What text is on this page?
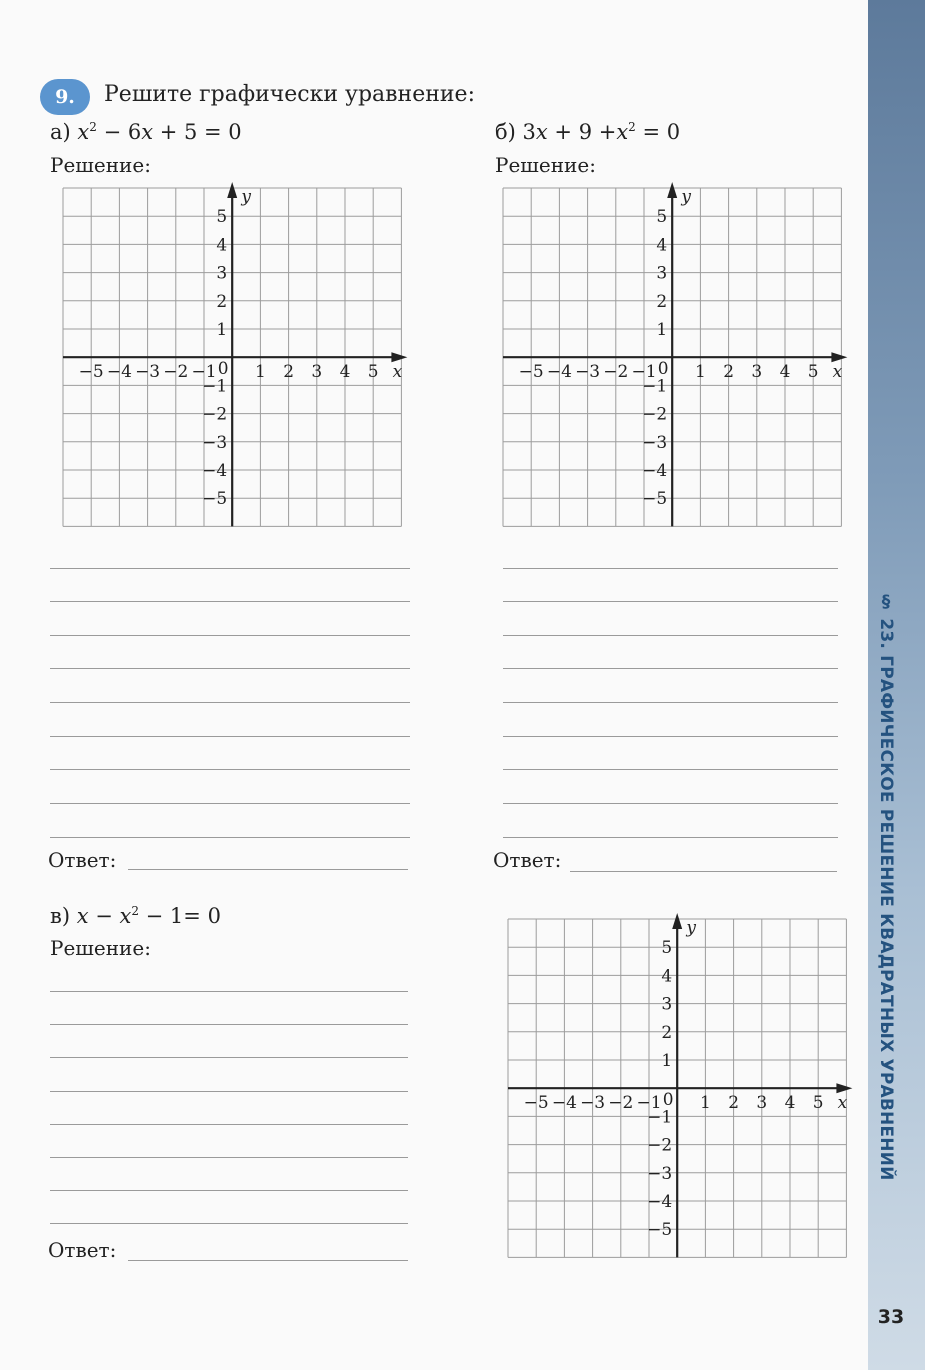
9. Решите графически уравнение:
а) $x^2 - 6x + 5 = 0$
Решение:
б) $3x + 9 +x^2 = 0$
Решение:
в) $x - x^2 - 1= 0$
Решение:
−5 −4 −3 −2 −1 1 2 3 4 5
0	x
5
4
3
2
1
−1
−2
−3
−4
−5
y
−5 −4 −3 −2 −1 1 2 3 4 5
0	x
5
4
3
2
1
−1
−2
−3
−4
−5
y
−5 −4 −3 −2 −1 1 2 3 4 5
0	x
5
4
3
2
1
−1
−2
−3
−4
−5
y
Ответ:	Ответ:
Ответ:
§ 23. ГРАФИЧЕСКОЕ РЕШЕНИЕ КВАДРАТНЫХ УРАВНЕНИЙ
33
